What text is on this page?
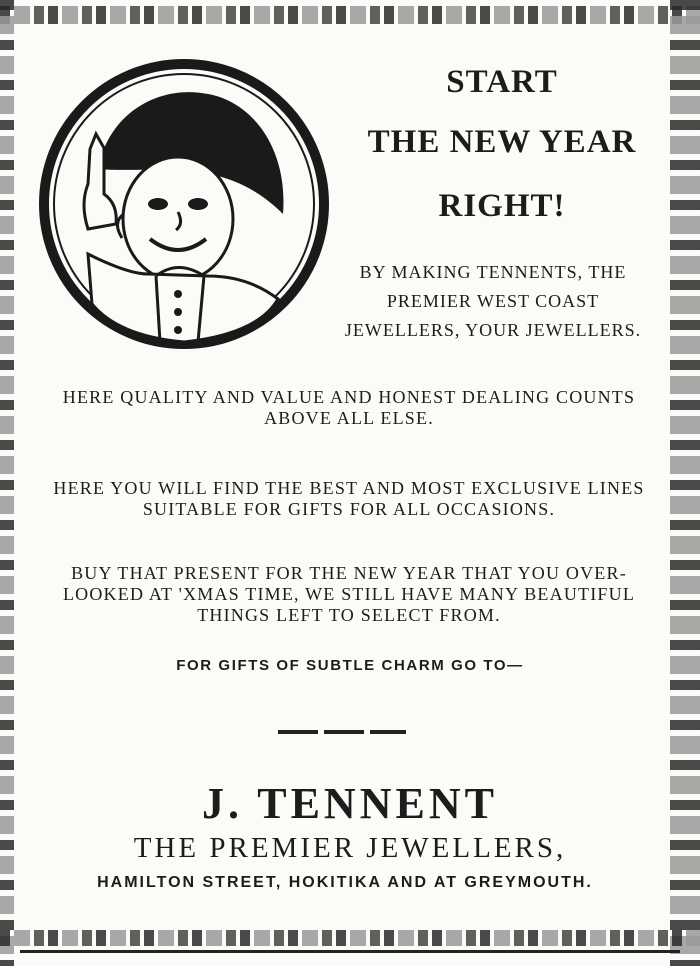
START
THE NEW YEAR
RIGHT!
BY MAKING TENNENTS, THE PREMIER WEST COAST JEWELLERS, YOUR JEWELLERS.
HERE QUALITY AND VALUE AND HONEST DEALING COUNTS ABOVE ALL ELSE.
HERE YOU WILL FIND THE BEST AND MOST EXCLUSIVE LINES SUITABLE FOR GIFTS FOR ALL OCCASIONS.
BUY THAT PRESENT FOR THE NEW YEAR THAT YOU OVER-LOOKED AT 'XMAS TIME, WE STILL HAVE MANY BEAUTIFUL THINGS LEFT TO SELECT FROM.
FOR GIFTS OF SUBTLE CHARM GO TO—
J. TENNENT
THE PREMIER JEWELLERS,
HAMILTON STREET, HOKITIKA AND AT GREYMOUTH.
